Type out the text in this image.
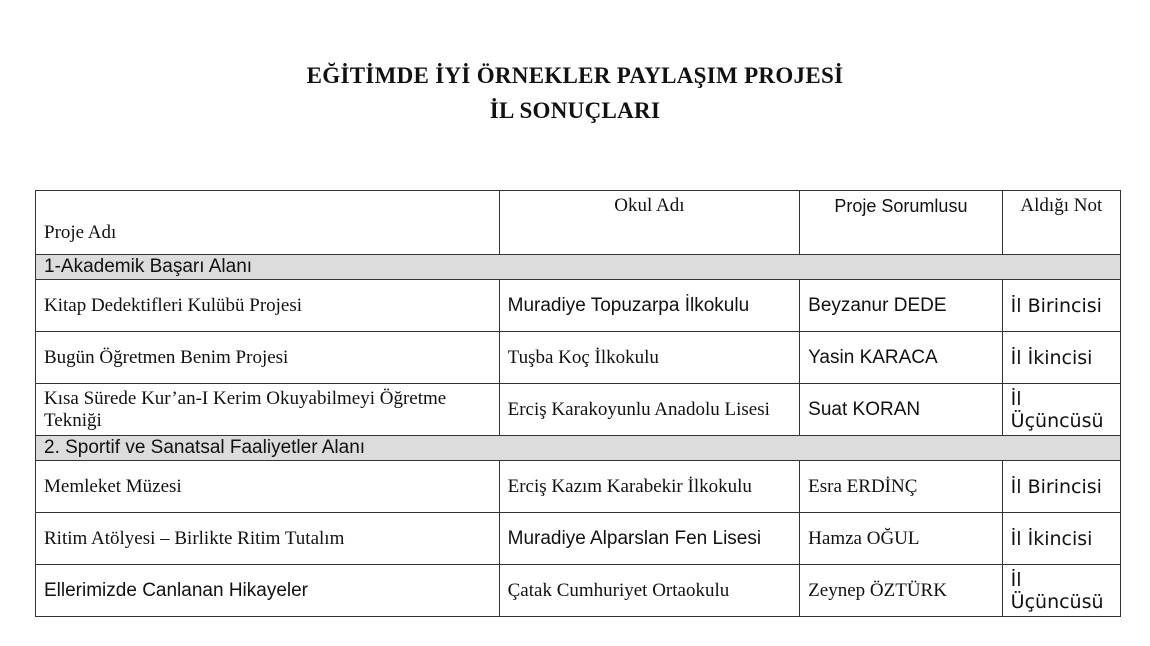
EĞİTİMDE İYİ ÖRNEKLER PAYLAŞIM PROJESİ
İL SONUÇLARI
Proje Adı	Okul Adı	Proje Sorumlusu	Aldığı Not
1-Akademik Başarı Alanı			
Kitap Dedektifleri Kulübü Projesi	Muradiye Topuzarpa İlkokulu	Beyzanur DEDE	İl Birincisi
Bugün Öğretmen Benim Projesi	Tuşba Koç İlkokulu	Yasin KARACA	İl İkincisi
Kısa Sürede Kur’an-I Kerim Okuyabilmeyi Öğretme Tekniği	Erciş Karakoyunlu Anadolu Lisesi	Suat KORAN	İl Üçüncüsü
2. Sportif ve Sanatsal Faaliyetler Alanı			
Memleket Müzesi	Erciş Kazım Karabekir İlkokulu	Esra ERDİNÇ	İl Birincisi
Ritim Atölyesi – Birlikte Ritim Tutalım	Muradiye Alparslan Fen Lisesi	Hamza OĞUL	İl İkincisi
Ellerimizde Canlanan Hikayeler	Çatak Cumhuriyet Ortaokulu	Zeynep ÖZTÜRK	İl Üçüncüsü
